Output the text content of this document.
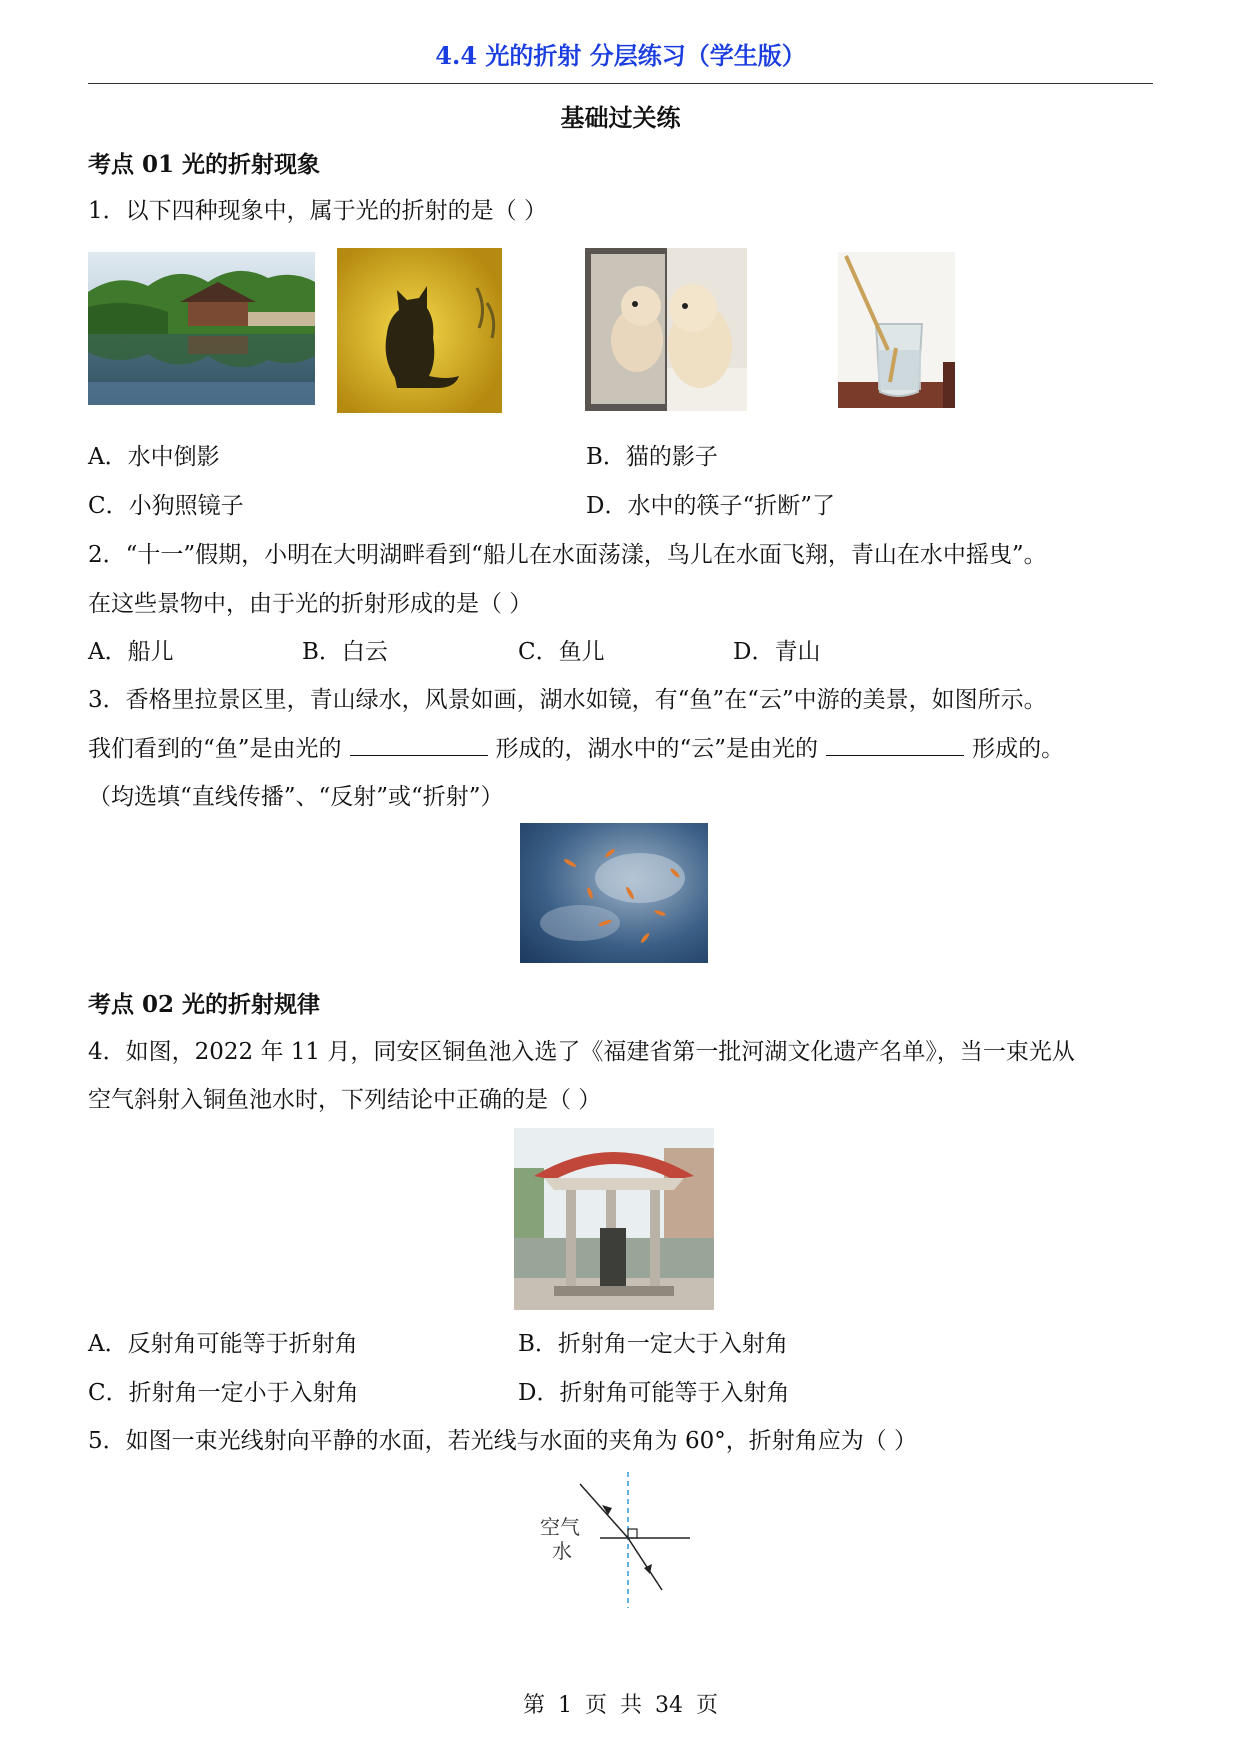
4.4 光的折射 分层练习（学生版）
基础过关练
考点 01 光的折射现象
1．以下四种现象中，属于光的折射的是（ ）
A．水中倒影	B．猫的影子
C．小狗照镜子	D．水中的筷子“折断”了
2．“十一”假期，小明在大明湖畔看到“船儿在水面荡漾，鸟儿在水面飞翔，青山在水中摇曳”。
在这些景物中，由于光的折射形成的是（ ）
A．船儿	B．白云	C．鱼儿	D．青山
3．香格里拉景区里，青山绿水，风景如画，湖水如镜，有“鱼”在“云”中游的美景，如图所示。
我们看到的“鱼”是由光的	形成的，湖水中的“云”是由光的	形成的。
（均选填“直线传播”、“反射”或“折射”）
考点 02 光的折射规律
4．如图，2022 年 11 月，同安区铜鱼池入选了《福建省第一批河湖文化遗产名单》，当一束光从
空气斜射入铜鱼池水时，下列结论中正确的是（ ）
A．反射角可能等于折射角	B．折射角一定大于入射角
C．折射角一定小于入射角	D．折射角可能等于入射角
5．如图一束光线射向平静的水面，若光线与水面的夹角为 60°，折射角应为（ ）
空气
水
第 1 页 共 34 页
